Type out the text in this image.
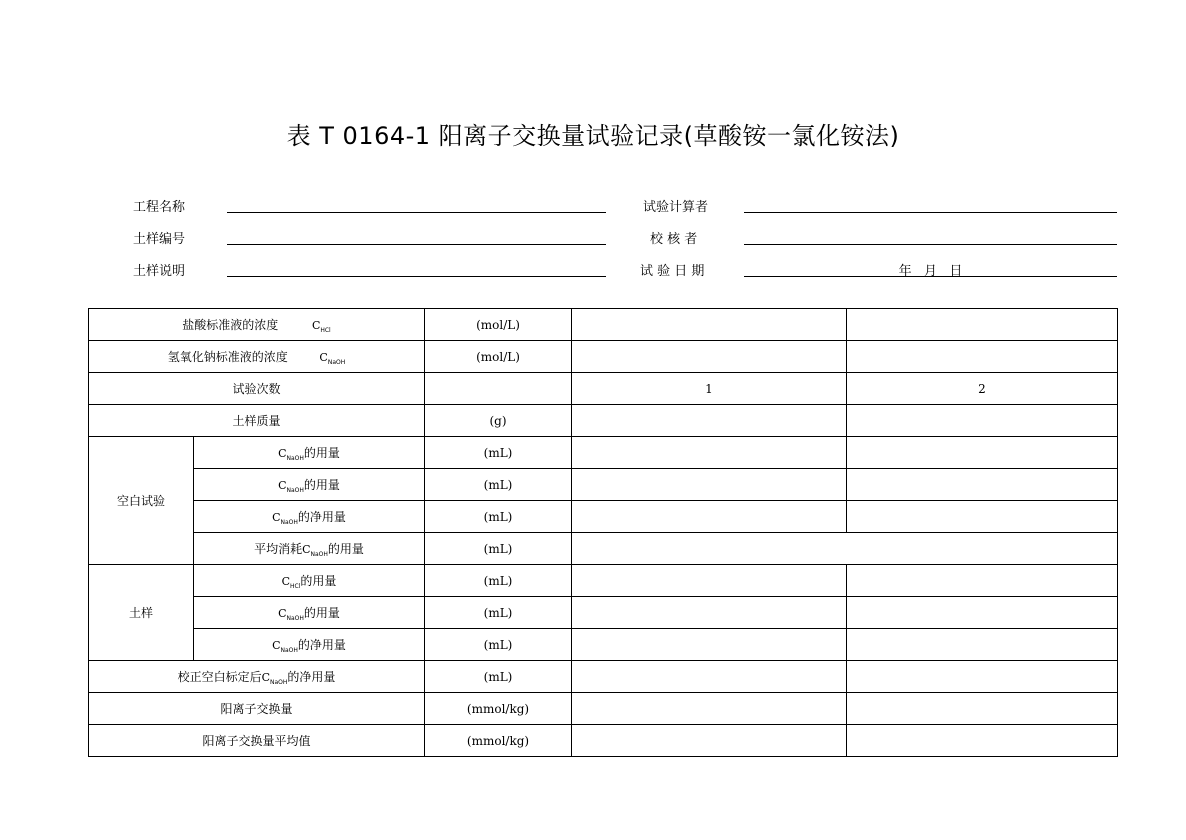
表 T 0164-1 阳离子交换量试验记录(草酸铵一氯化铵法)
工程名称
土样编号
土样说明
试验计算者
校 核 者
试 验 日 期	年   月   日
盐酸标准液的浓度 $C_{HCl}$		(mol/L)		
氢氧化钠标准液的浓度 $C_{NaOH}$		(mol/L)		
试验次数			1	2
土样质量		(g)		
空白试验	$C_{NaOH}$的用量	(mL)		
	$C_{NaOH}$的用量	(mL)		
	$C_{NaOH}$的净用量	(mL)		
	平均消耗$C_{NaOH}$的用量	(mL)		
土样	$C_{HCl}$的用量	(mL)		
	$C_{NaOH}$的用量	(mL)		
	$C_{NaOH}$的净用量	(mL)		
校正空白标定后$C_{NaOH}$的净用量		(mL)		
阳离子交换量		(mmol/kg)		
阳离子交换量平均值		(mmol/kg)		
